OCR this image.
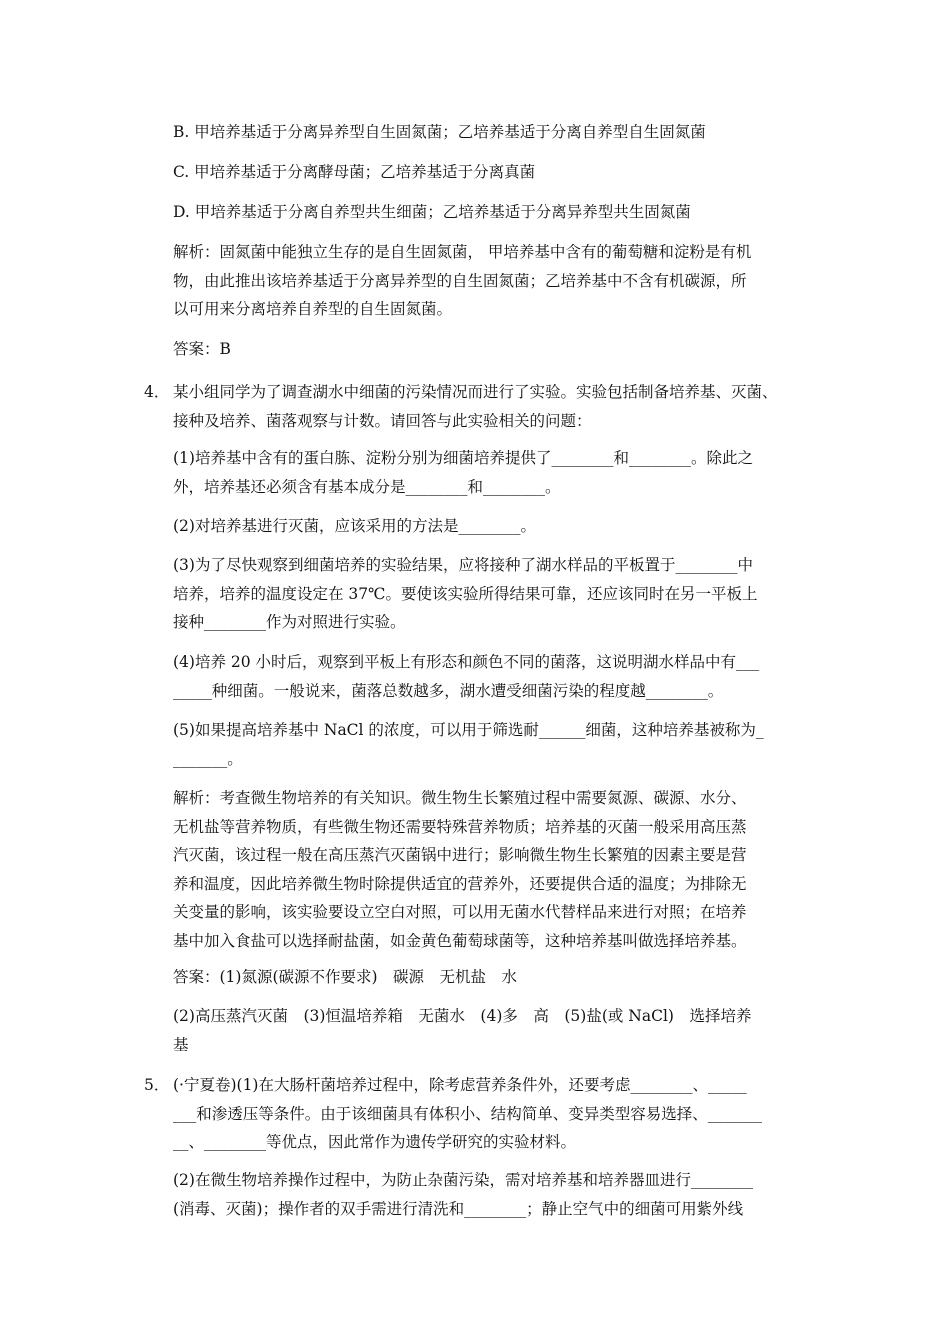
B. 甲培养基适于分离异养型自生固氮菌；乙培养基适于分离自养型自生固氮菌

C. 甲培养基适于分离酵母菌；乙培养基适于分离真菌

D. 甲培养基适于分离自养型共生细菌；乙培养基适于分离异养型共生固氮菌

解析：固氮菌中能独立生存的是自生固氮菌， 甲培养基中含有的葡萄糖和淀粉是有机

物，由此推出该培养基适于分离异养型的自生固氮菌；乙培养基中不含有机碳源，所

以可用来分离培养自养型的自生固氮菌。

答案：B

4． 某小组同学为了调查湖水中细菌的污染情况而进行了实验。实验包括制备培养基、灭菌、

接种及培养、菌落观察与计数。请回答与此实验相关的问题：

(1)培养基中含有的蛋白胨、淀粉分别为细菌培养提供了________和________。除此之

外，培养基还必须含有基本成分是________和________。

(2)对培养基进行灭菌，应该采用的方法是________。

(3)为了尽快观察到细菌培养的实验结果，应将接种了湖水样品的平板置于________中

培养，培养的温度设定在 37℃。要使该实验所得结果可靠，还应该同时在另一平板上

接种________作为对照进行实验。

(4)培养 20 小时后，观察到平板上有形态和颜色不同的菌落，这说明湖水样品中有___

_____种细菌。一般说来，菌落总数越多，湖水遭受细菌污染的程度越________。

(5)如果提高培养基中 NaCl 的浓度，可以用于筛选耐______细菌，这种培养基被称为_

_______。

解析：考查微生物培养的有关知识。微生物生长繁殖过程中需要氮源、碳源、水分、

无机盐等营养物质，有些微生物还需要特殊营养物质；培养基的灭菌一般采用高压蒸

汽灭菌，该过程一般在高压蒸汽灭菌锅中进行；影响微生物生长繁殖的因素主要是营

养和温度，因此培养微生物时除提供适宜的营养外，还要提供合适的温度；为排除无

关变量的影响，该实验要设立空白对照，可以用无菌水代替样品来进行对照；在培养

基中加入食盐可以选择耐盐菌，如金黄色葡萄球菌等，这种培养基叫做选择培养基。

答案：(1)氮源(碳源不作要求)　碳源　无机盐　水

(2)高压蒸汽灭菌　(3)恒温培养箱　无菌水　(4)多　高　(5)盐(或 NaCl)　选择培养

基

5． (·宁夏卷)(1)在大肠杆菌培养过程中，除考虑营养条件外，还要考虑________、_____

___和渗透压等条件。由于该细菌具有体积小、结构简单、变异类型容易选择、_______

__、________等优点，因此常作为遗传学研究的实验材料。

(2)在微生物培养操作过程中，为防止杂菌污染，需对培养基和培养器皿进行________

(消毒、灭菌)；操作者的双手需进行清洗和________；静止空气中的细菌可用紫外线
